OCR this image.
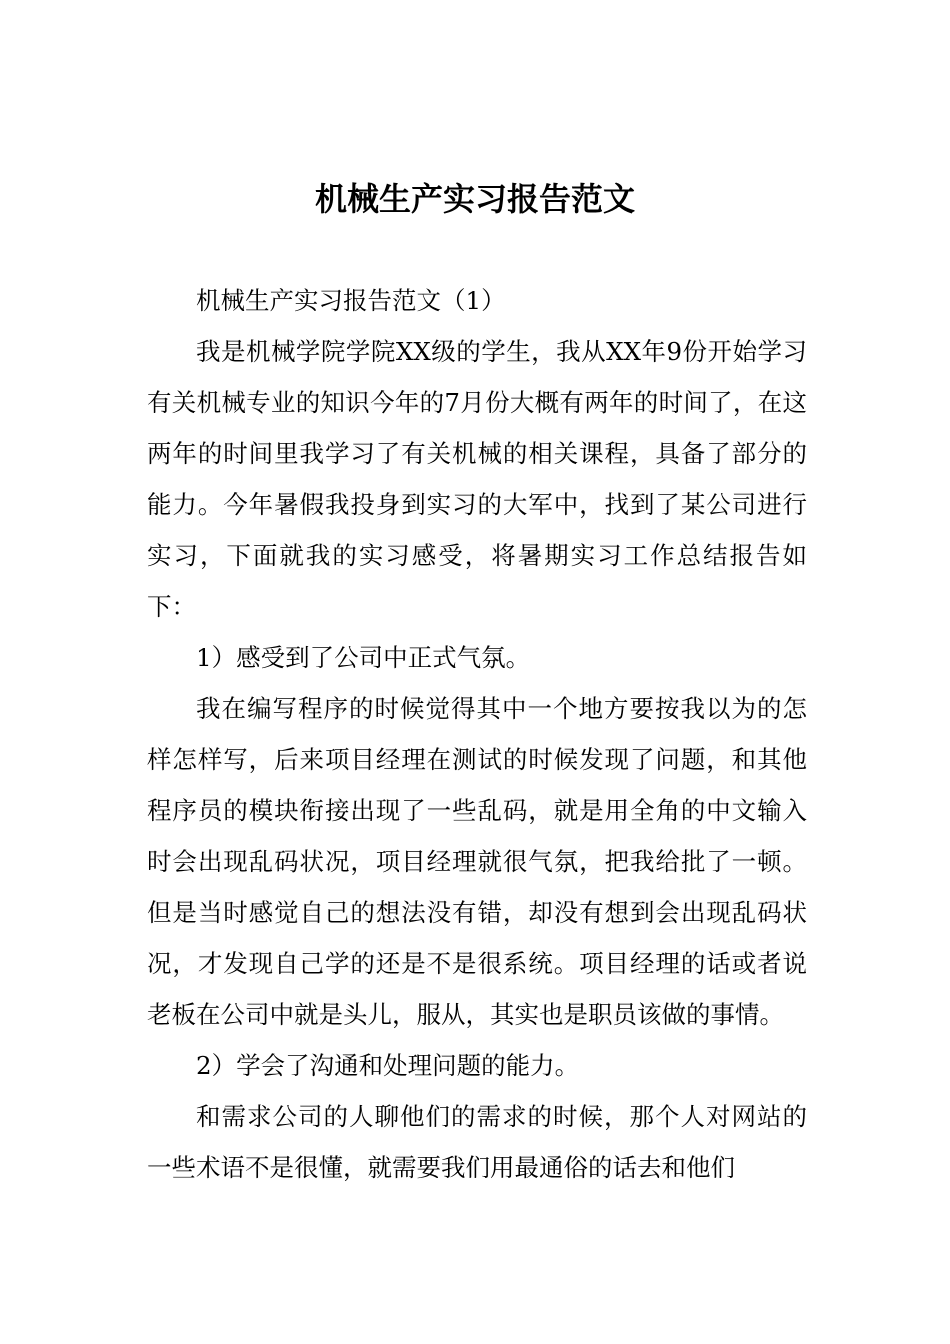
机械生产实习报告范文

机械生产实习报告范文（1）

我是机械学院学院XX级的学生，我从XX年9份开始学习有关机械专业的知识今年的7月份大概有两年的时间了，在这两年的时间里我学习了有关机械的相关课程，具备了部分的能力。今年暑假我投身到实习的大军中，找到了某公司进行实习，下面就我的实习感受，将暑期实习工作总结报告如下：

1）感受到了公司中正式气氛。

我在编写程序的时候觉得其中一个地方要按我以为的怎样怎样写，后来项目经理在测试的时候发现了问题，和其他程序员的模块衔接出现了一些乱码，就是用全角的中文输入时会出现乱码状况，项目经理就很气氛，把我给批了一顿。但是当时感觉自己的想法没有错，却没有想到会出现乱码状况，才发现自己学的还是不是很系统。项目经理的话或者说老板在公司中就是头儿，服从，其实也是职员该做的事情。

2）学会了沟通和处理问题的能力。

和需求公司的人聊他们的需求的时候，那个人对网站的一些术语不是很懂，就需要我们用最通俗的话去和他们
